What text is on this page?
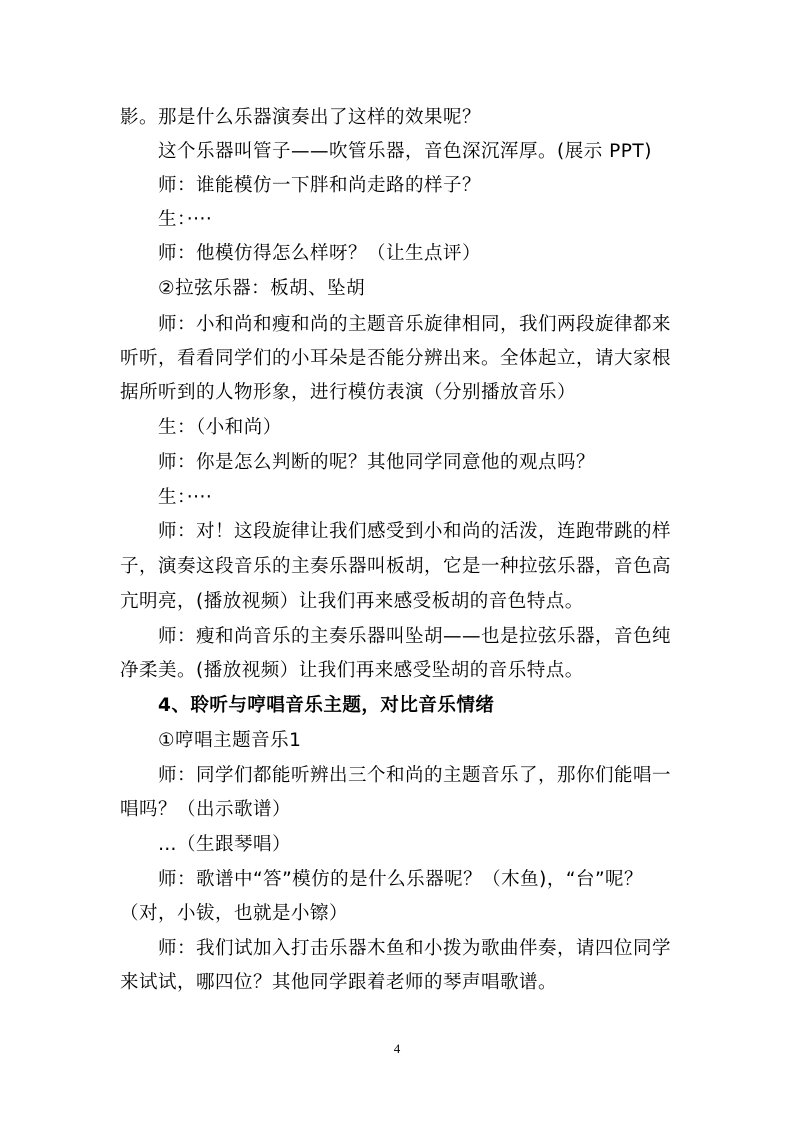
影。那是什么乐器演奏出了这样的效果呢？
这个乐器叫管子——吹管乐器，音色深沉浑厚。(展示 PPT)
师：谁能模仿一下胖和尚走路的样子？
生：····
师：他模仿得怎么样呀？（让生点评）
②拉弦乐器：板胡、坠胡
师：小和尚和瘦和尚的主题音乐旋律相同，我们两段旋律都来
听听，看看同学们的小耳朵是否能分辨出来。全体起立，请大家根
据所听到的人物形象，进行模仿表演（分别播放音乐）
生：（小和尚）
师：你是怎么判断的呢？其他同学同意他的观点吗？
生：····
师：对！这段旋律让我们感受到小和尚的活泼，连跑带跳的样
子，演奏这段音乐的主奏乐器叫板胡，它是一种拉弦乐器，音色高
亢明亮，(播放视频）让我们再来感受板胡的音色特点。
师：瘦和尚音乐的主奏乐器叫坠胡——也是拉弦乐器，音色纯
净柔美。(播放视频）让我们再来感受坠胡的音乐特点。
4、聆听与哼唱音乐主题，对比音乐情绪
①哼唱主题音乐1
师：同学们都能听辨出三个和尚的主题音乐了，那你们能唱一
唱吗？（出示歌谱）
…（生跟琴唱）
师：歌谱中“答”模仿的是什么乐器呢？（木鱼)，“台”呢？
（对，小钹，也就是小镲）
师：我们试加入打击乐器木鱼和小拨为歌曲伴奏，请四位同学
来试试，哪四位？其他同学跟着老师的琴声唱歌谱。
4
